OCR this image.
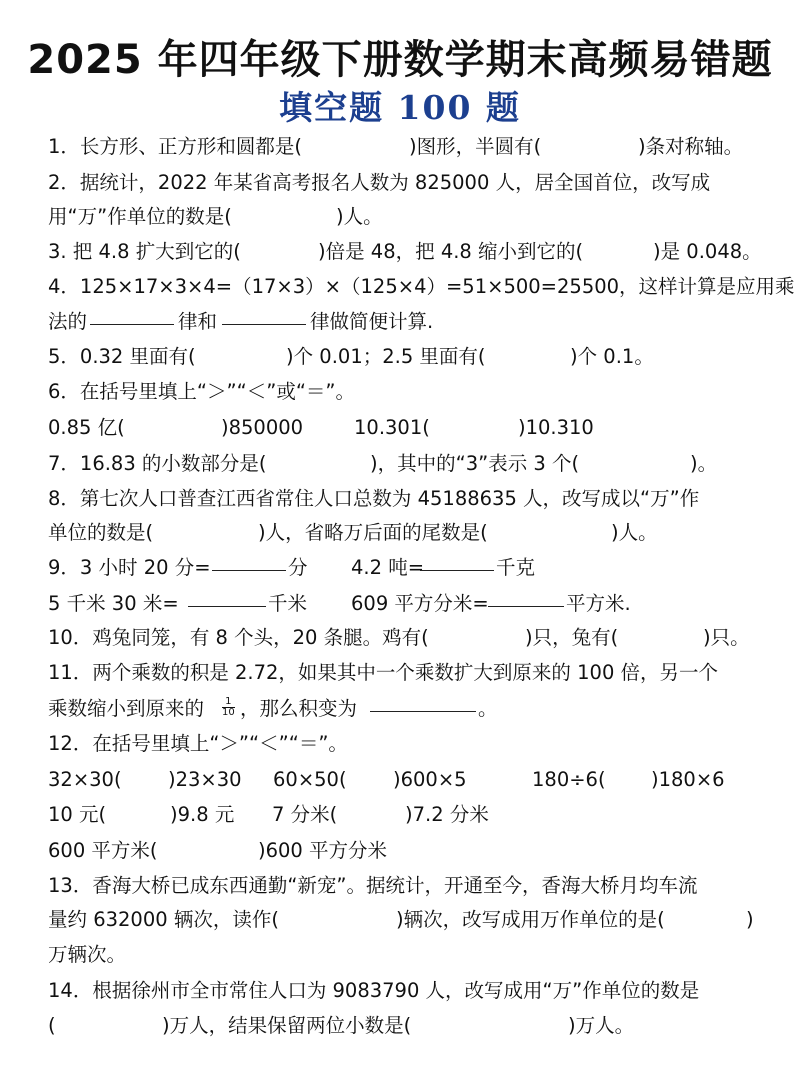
2025 年四年级下册数学期末高频易错题
填空题 100 题
1．长方形、正方形和圆都是(	)图形，半圆有(	)条对称轴。
2．据统计，2022 年某省高考报名人数为 825000 人，居全国首位，改写成
用“万”作单位的数是(	)人。
3. 把 4.8 扩大到它的(	)倍是 48，把 4.8 缩小到它的(	)是 0.048。
4．125×17×3×4=（17×3）×（125×4）=51×500=25500，这样计算是应用乘
法的	律和	律做简便计算.
5．0.32 里面有(	)个 0.01；2.5 里面有(	)个 0.1。
6．在括号里填上“＞”“＜”或“＝”。
0.85 亿(	)850000	10.301(	)10.310
7．16.83 的小数部分是(	)，其中的“3”表示 3 个(	)。
8．第七次人口普查江西省常住人口总数为 45188635 人，改写成以“万”作
单位的数是(	)人，省略万后面的尾数是(	)人。
9．3 小时 20 分=	分 4.2 吨=	千克
5 千米 30 米=	千米 609 平方分米=	平方米.
10．鸡兔同笼，有 8 个头，20 条腿。鸡有(	)只，兔有(	)只。
11．两个乘数的积是 2.72，如果其中一个乘数扩大到原来的 100 倍，另一个
乘数缩小到原来的 $\frac{1}{10}$ ，那么积变为	。
12．在括号里填上“＞”“＜”“＝”。
32×30( )23×30 60×50( )600×5	180÷6( )180×6
10 元(	)9.8 元 7 分米(	)7.2 分米
600 平方米(	)600 平方分米
13．香海大桥已成东西通勤“新宠”。据统计，开通至今，香海大桥月均车流
量约 632000 辆次，读作(	)辆次，改写成用万作单位的是(	)
万辆次。
14．根据徐州市全市常住人口为 9083790 人，改写成用“万”作单位的数是
(	)万人，结果保留两位小数是(	)万人。
